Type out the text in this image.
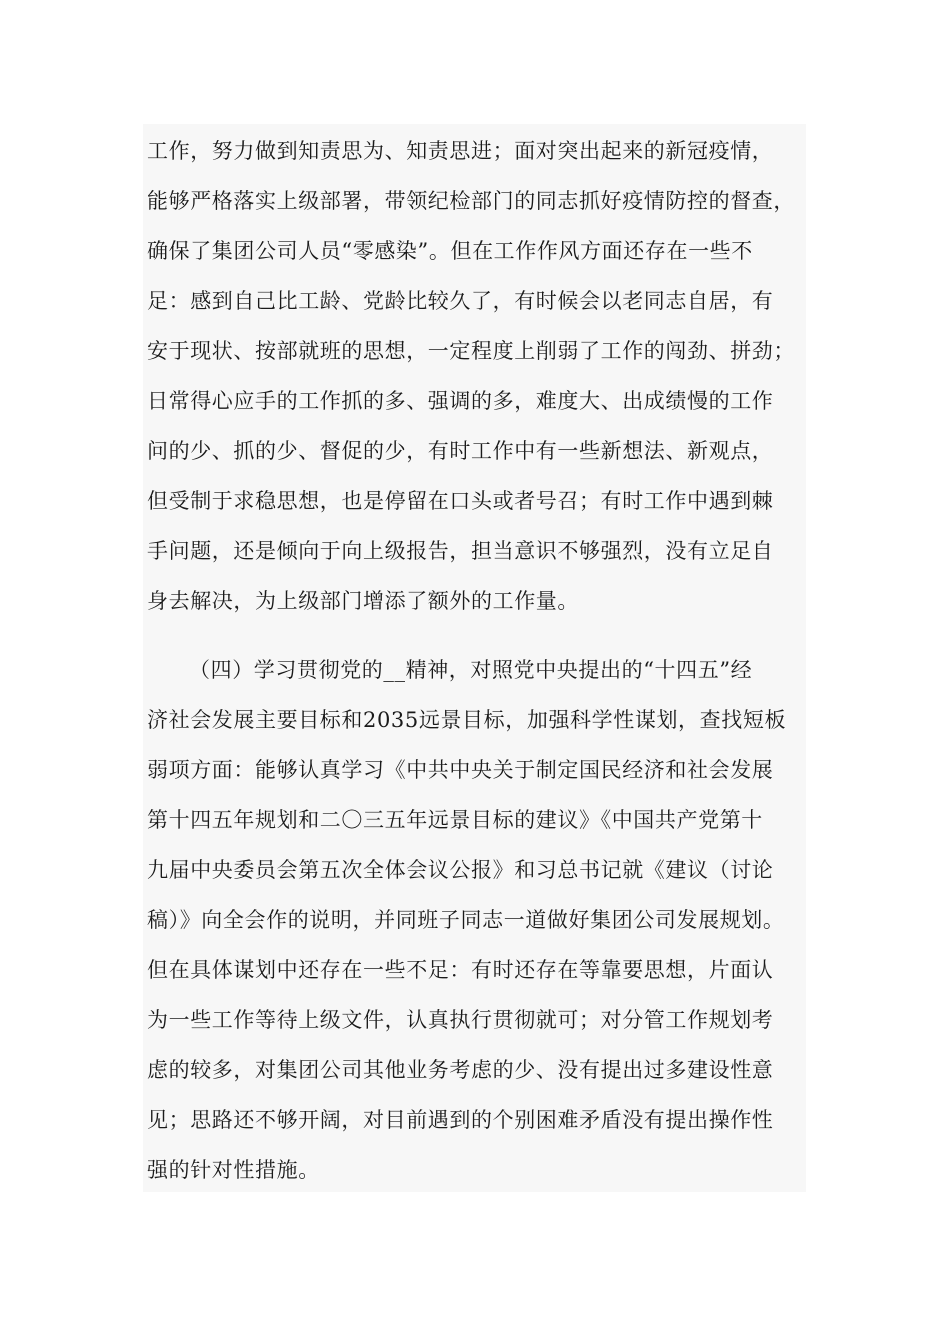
工作，努力做到知责思为、知责思进；面对突出起来的新冠疫情，
能够严格落实上级部署，带领纪检部门的同志抓好疫情防控的督查，
确保了集团公司人员“零感染”。但在工作作风方面还存在一些不
足：感到自己比工龄、党龄比较久了，有时候会以老同志自居，有
安于现状、按部就班的思想，一定程度上削弱了工作的闯劲、拼劲；
日常得心应手的工作抓的多、强调的多，难度大、出成绩慢的工作
问的少、抓的少、督促的少，有时工作中有一些新想法、新观点，
但受制于求稳思想，也是停留在口头或者号召；有时工作中遇到棘
手问题，还是倾向于向上级报告，担当意识不够强烈，没有立足自
身去解决，为上级部门增添了额外的工作量。
（四）学习贯彻党的__精神，对照党中央提出的“十四五”经
济社会发展主要目标和2035远景目标，加强科学性谋划，查找短板
弱项方面：能够认真学习《中共中央关于制定国民经济和社会发展
第十四五年规划和二〇三五年远景目标的建议》《中国共产党第十
九届中央委员会第五次全体会议公报》和习总书记就《建议（讨论
稿）》向全会作的说明，并同班子同志一道做好集团公司发展规划。
但在具体谋划中还存在一些不足：有时还存在等靠要思想，片面认
为一些工作等待上级文件，认真执行贯彻就可；对分管工作规划考
虑的较多，对集团公司其他业务考虑的少、没有提出过多建设性意
见；思路还不够开阔，对目前遇到的个别困难矛盾没有提出操作性
强的针对性措施。
